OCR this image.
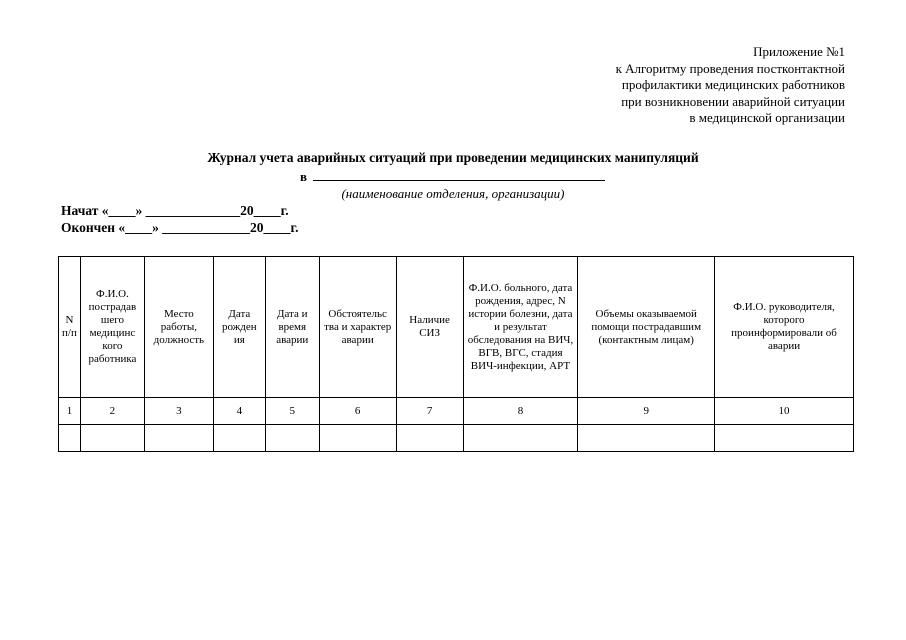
Приложение №1
к Алгоритму проведения постконтактной
профилактики медицинских работников
при возникновении аварийной ситуации
в медицинской организации
Журнал учета аварийных ситуаций при проведении медицинских манипуляций
в
(наименование отделения, организации)
Начат «____» ______________20____г.
Окончен «____» _____________20____г.
N п/п	Ф.И.О. пострадав шего медицинс кого работника	Место работы, должность	Дата рожден ия	Дата и время аварии	Обстоятельс тва и характер аварии	Наличие СИЗ	Ф.И.О. больного, дата рождения, адрес, N истории болезни, дата и результат обследования на ВИЧ, ВГВ, ВГС, стадия ВИЧ-инфекции, АРТ	Объемы оказываемой помощи пострадавшим (контактным лицам)	Ф.И.О. руководителя, которого проинформировали об аварии
1	2	3	4	5	6	7	8	9	10
